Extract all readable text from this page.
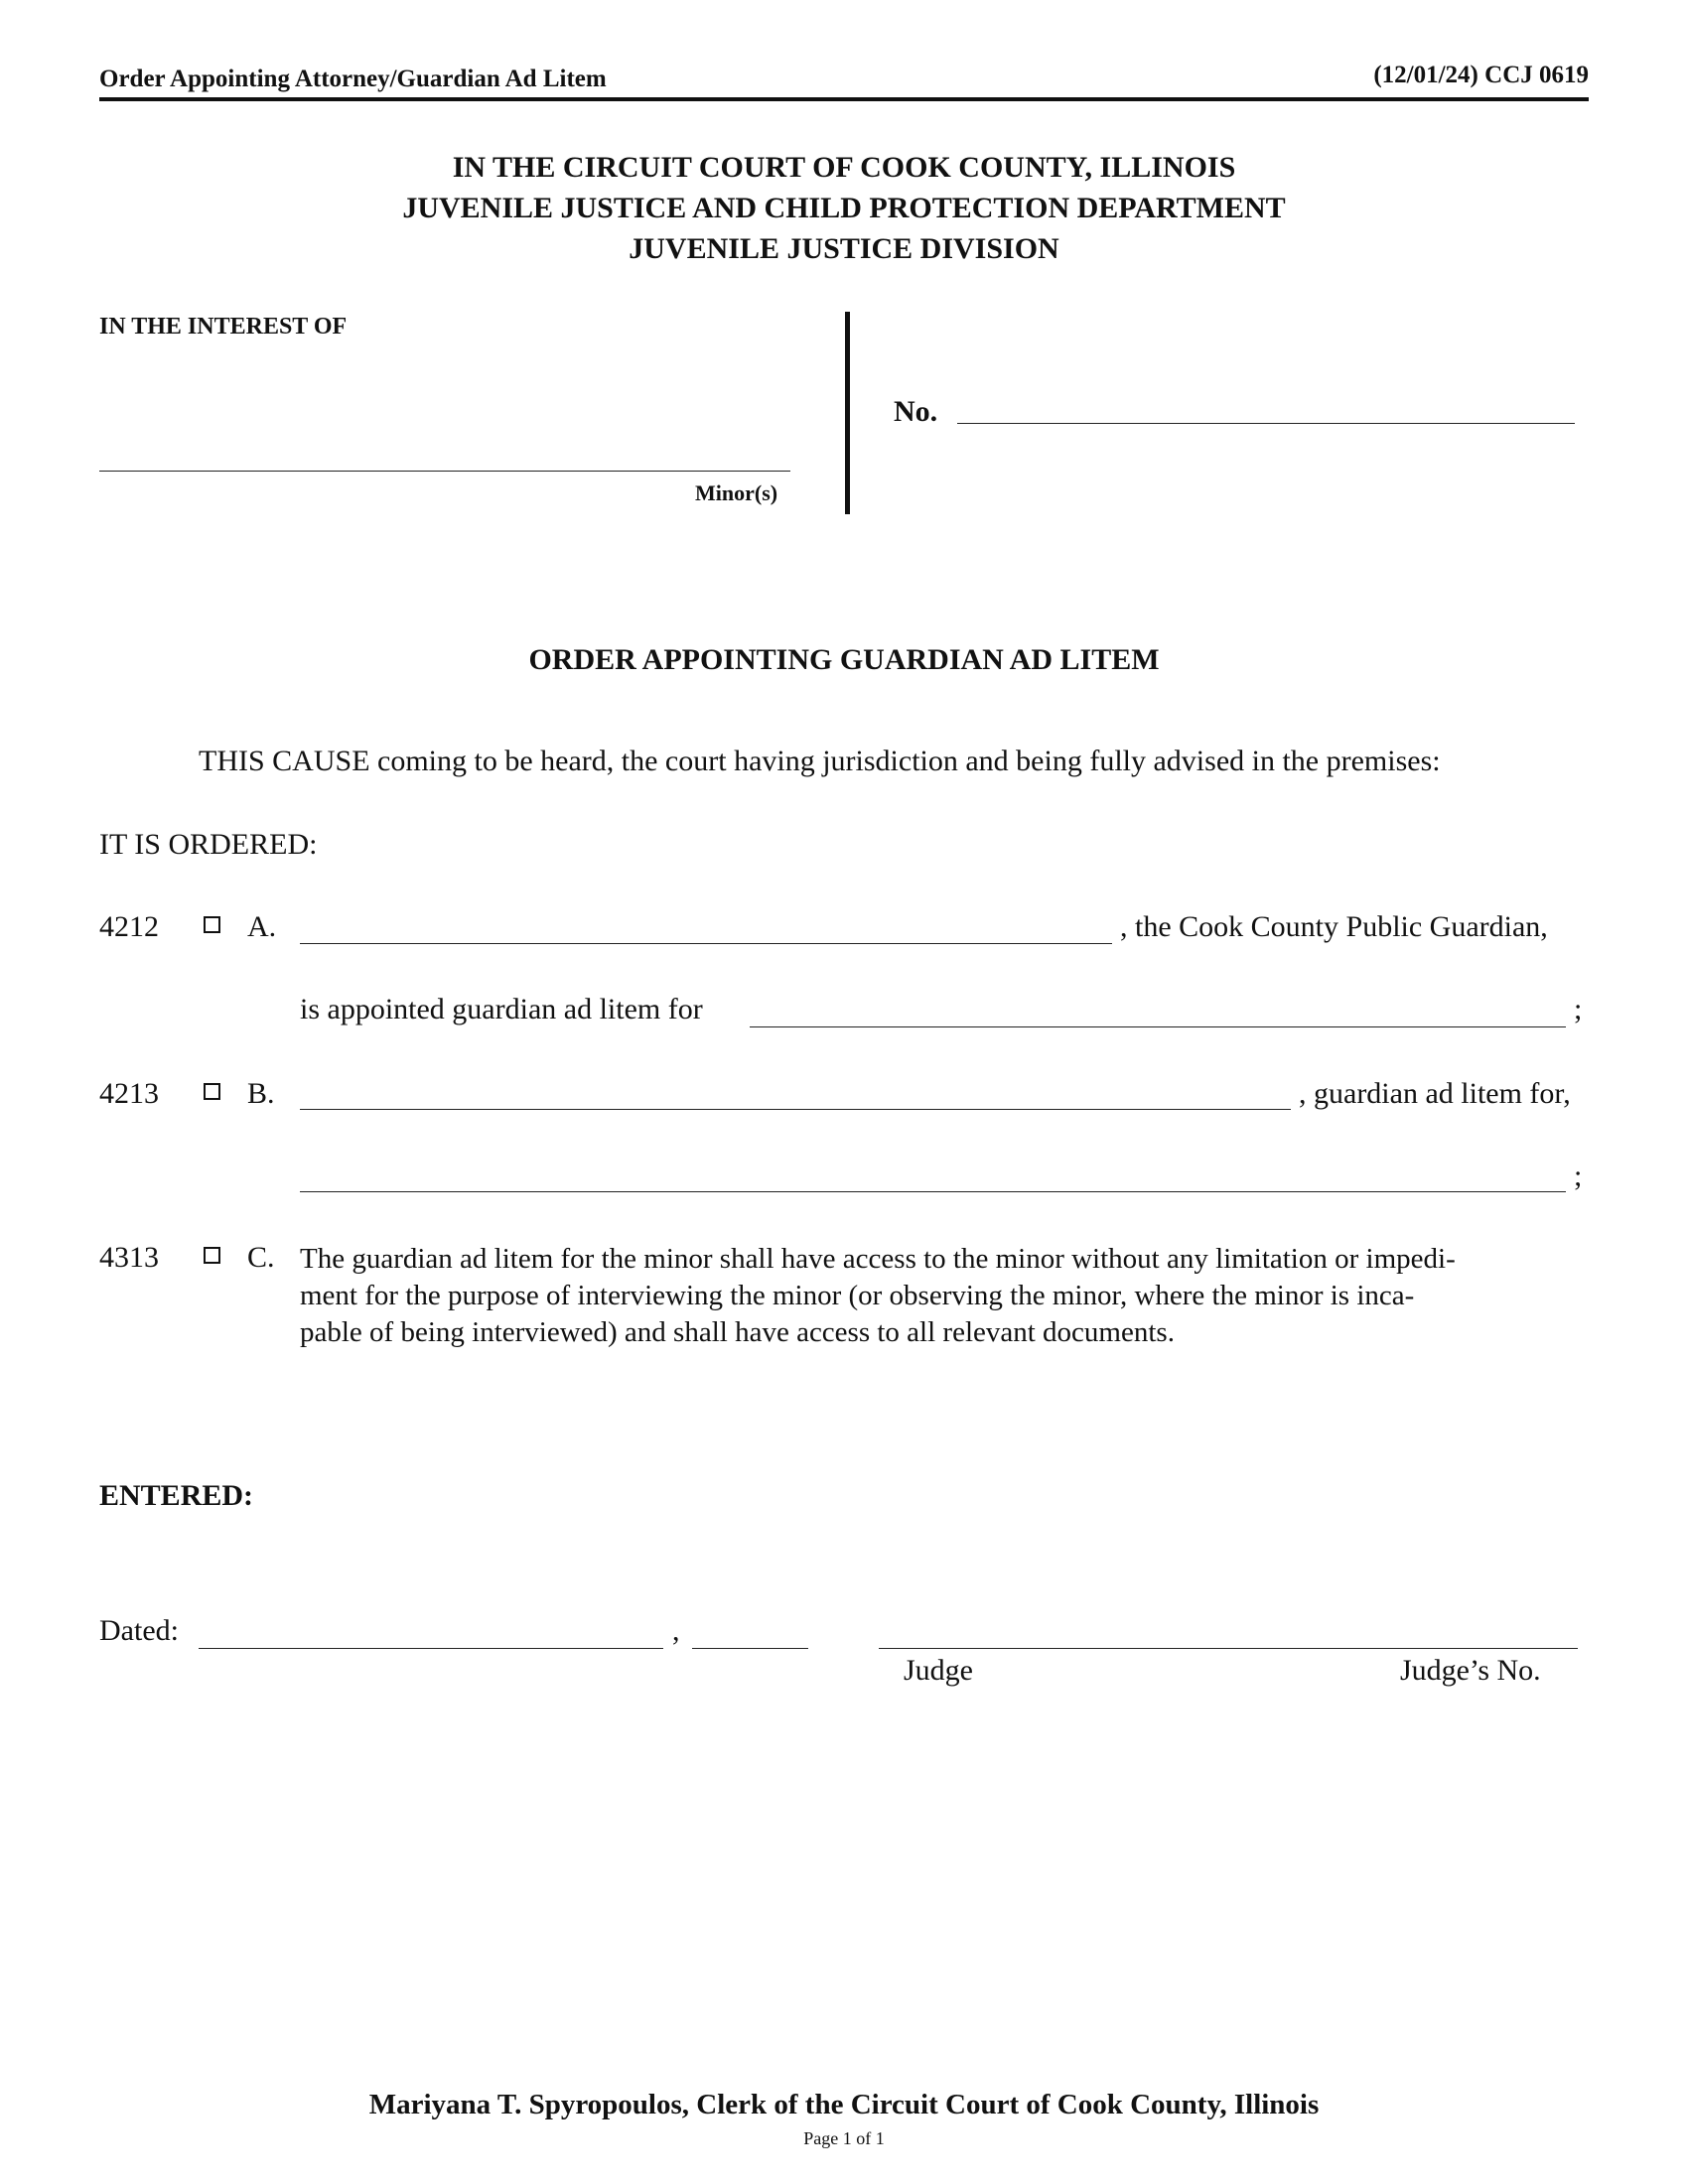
Order Appointing Attorney/Guardian Ad Litem	(12/01/24) CCJ 0619
IN THE CIRCUIT COURT OF COOK COUNTY, ILLINOIS
JUVENILE JUSTICE AND CHILD PROTECTION DEPARTMENT
JUVENILE JUSTICE DIVISION
IN THE INTEREST OF
Minor(s)
No.
ORDER APPOINTING GUARDIAN AD LITEM
THIS CAUSE coming to be heard, the court having jurisdiction and being fully advised in the premises:
IT IS ORDERED:
4212	A.	, the Cook County Public Guardian,
is appointed guardian ad litem for	;
4213	B.	, guardian ad litem for,
;
4313	C. The guardian ad litem for the minor shall have access to the minor without any limitation or impedi-
ment for the purpose of interviewing the minor (or observing the minor, where the minor is inca-
pable of being interviewed) and shall have access to all relevant documents.
ENTERED:
Dated:	,
Judge	Judge’s No.
Mariyana T. Spyropoulos, Clerk of the Circuit Court of Cook County, Illinois
Page 1 of 1
